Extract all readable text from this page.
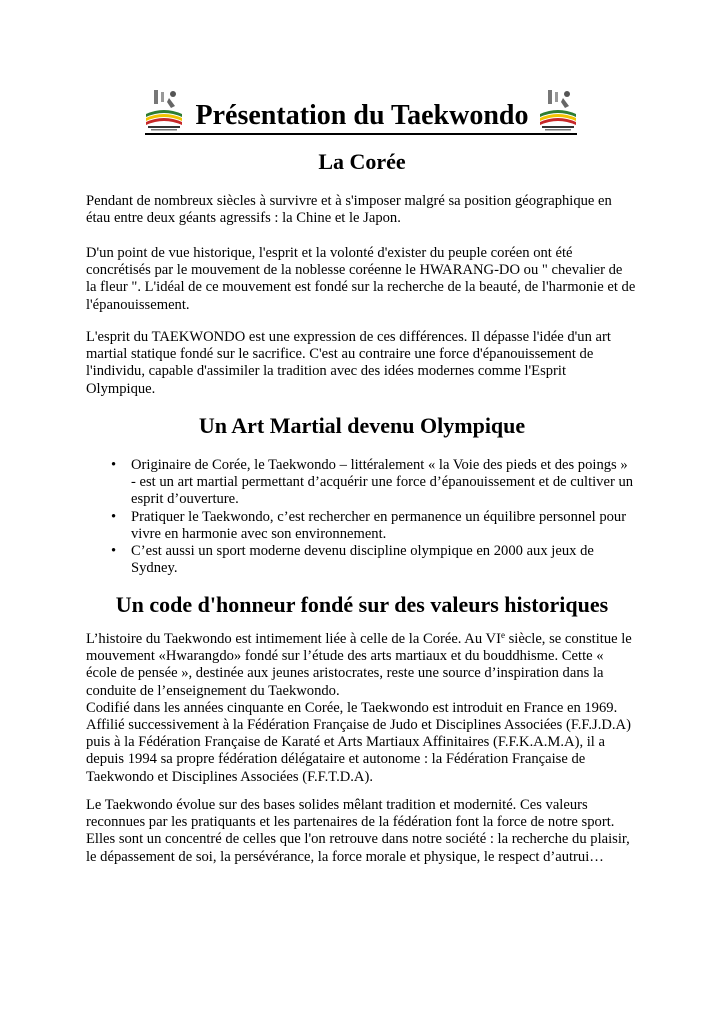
Présentation du Taekwondo
La Corée

Pendant de nombreux siècles à survivre et à s'imposer malgré sa position géographique en

étau entre deux géants agressifs : la Chine et le Japon.

D'un point de vue historique, l'esprit et la volonté d'exister du peuple coréen ont été

concrétisés par le mouvement de la noblesse coréenne le HWARANG-DO ou " chevalier de

la fleur ". L'idéal de ce mouvement est fondé sur la recherche de la beauté, de l'harmonie et de

l'épanouissement.

L'esprit du TAEKWONDO est une expression de ces différences. Il dépasse l'idée d'un art

martial statique fondé sur le sacrifice. C'est au contraire une force d'épanouissement de

l'individu, capable d'assimiler la tradition avec des idées modernes comme l'Esprit

Olympique.

Un Art Martial devenu Olympique
• Originaire de Corée, le Taekwondo – littéralement « la Voie des pieds et des poings »
- est un art martial permettant d’acquérir une force d’épanouissement et de cultiver un
esprit d’ouverture.
• Pratiquer le Taekwondo, c’est rechercher en permanence un équilibre personnel pour
vivre en harmonie avec son environnement.
• C’est aussi un sport moderne devenu discipline olympique en 2000 aux jeux de
Sydney.
Un code d'honneur fondé sur des valeurs historiques

L’histoire du Taekwondo est intimement liée à celle de la Corée. Au VIe siècle, se constitue le

mouvement «Hwarangdo» fondé sur l’étude des arts martiaux et du bouddhisme. Cette «

école de pensée », destinée aux jeunes aristocrates, reste une source d’inspiration dans la

conduite de l’enseignement du Taekwondo.

Codifié dans les années cinquante en Corée, le Taekwondo est introduit en France en 1969.

Affilié successivement à la Fédération Française de Judo et Disciplines Associées (F.F.J.D.A)

puis à la Fédération Française de Karaté et Arts Martiaux Affinitaires (F.F.K.A.M.A), il a

depuis 1994 sa propre fédération délégataire et autonome : la Fédération Française de

Taekwondo et Disciplines Associées (F.F.T.D.A).

Le Taekwondo évolue sur des bases solides mêlant tradition et modernité. Ces valeurs

reconnues par les pratiquants et les partenaires de la fédération font la force de notre sport.

Elles sont un concentré de celles que l'on retrouve dans notre société : la recherche du plaisir,

le dépassement de soi, la persévérance, la force morale et physique, le respect d’autrui…
